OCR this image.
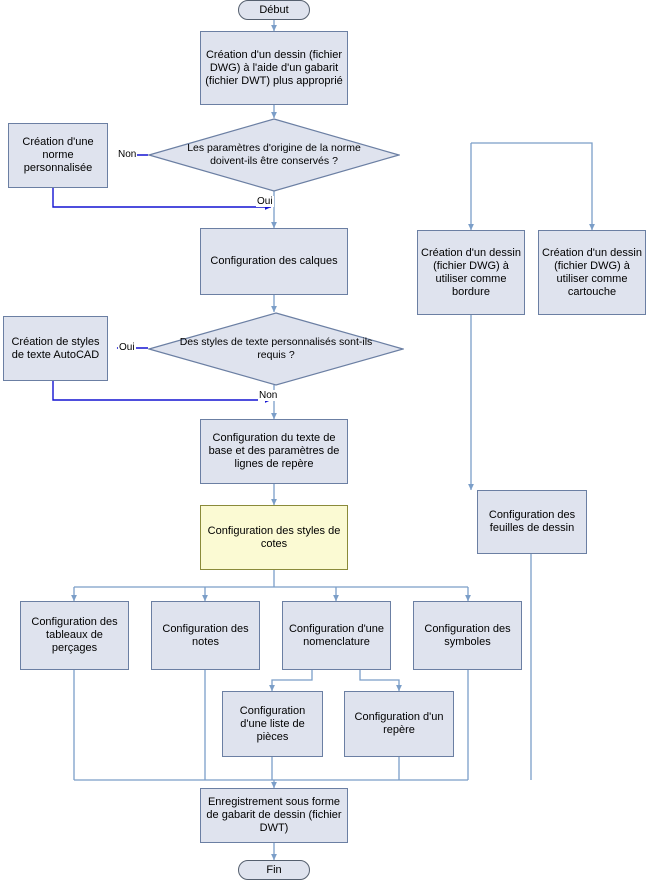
Début
Création d'un dessin (fichier DWG) à l'aide d'un gabarit (fichier DWT) plus approprié
Les paramètres d'origine de la norme doivent-ils être conservés ?
Création d'une norme personnalisée
Configuration des calques
Des styles de texte personnalisés sont-ils requis ?
Création de styles de texte AutoCAD
Configuration du texte de base et des paramètres de lignes de repère
Configuration des styles de cotes
Configuration des tableaux de perçages
Configuration des notes
Configuration d'une nomenclature
Configuration des symboles
Configuration d'une liste de pièces
Configuration d'un repère
Création d'un dessin (fichier DWG) à utiliser comme bordure
Création d'un dessin (fichier DWG) à utiliser comme cartouche
Configuration des feuilles de dessin
Enregistrement sous forme de gabarit de dessin (fichier DWT)
Fin
Non
Oui
Oui
Non
